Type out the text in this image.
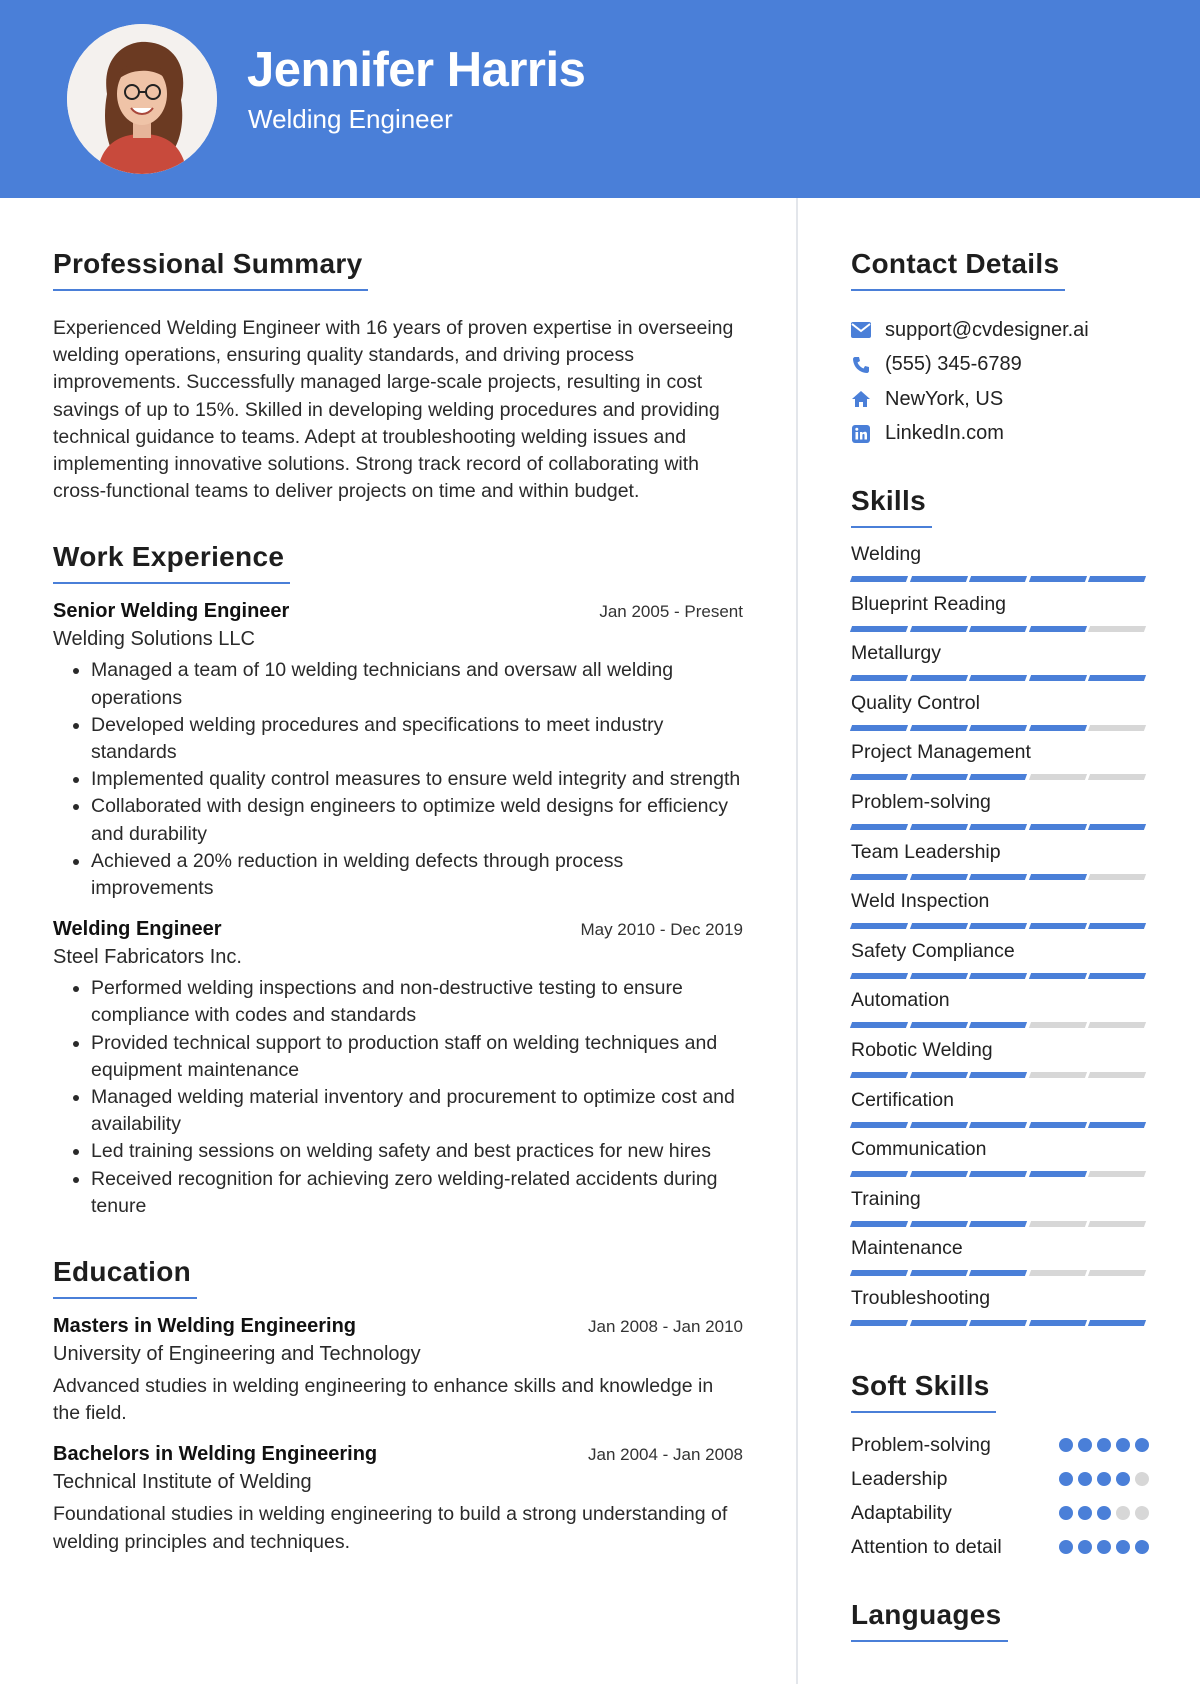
Jennifer Harris
Welding Engineer
Professional Summary

Experienced Welding Engineer with 16 years of proven expertise in overseeing welding operations, ensuring quality standards, and driving process improvements. Successfully managed large-scale projects, resulting in cost savings of up to 15%. Skilled in developing welding procedures and providing technical guidance to teams. Adept at troubleshooting welding issues and implementing innovative solutions. Strong track record of collaborating with cross-functional teams to deliver projects on time and within budget.

Work Experience
Senior Welding Engineer	Jan 2005 - Present
Welding Solutions LLC
• Managed a team of 10 welding technicians and oversaw all welding operations
• Developed welding procedures and specifications to meet industry standards
• Implemented quality control measures to ensure weld integrity and strength
• Collaborated with design engineers to optimize weld designs for efficiency and durability
• Achieved a 20% reduction in welding defects through process improvements
Welding Engineer	May 2010 - Dec 2019
Steel Fabricators Inc.
• Performed welding inspections and non-destructive testing to ensure compliance with codes and standards
• Provided technical support to production staff on welding techniques and equipment maintenance
• Managed welding material inventory and procurement to optimize cost and availability
• Led training sessions on welding safety and best practices for new hires
• Received recognition for achieving zero welding-related accidents during tenure
Education
Masters in Welding Engineering	Jan 2008 - Jan 2010
University of Engineering and Technology
Advanced studies in welding engineering to enhance skills and knowledge in the field.
Bachelors in Welding Engineering	Jan 2004 - Jan 2008
Technical Institute of Welding
Foundational studies in welding engineering to build a strong understanding of welding principles and techniques.
Contact Details
support@cvdesigner.ai
(555) 345-6789
NewYork, US
LinkedIn.com
Skills
Welding
Blueprint Reading
Metallurgy
Quality Control
Project Management
Problem-solving
Team Leadership
Weld Inspection
Safety Compliance
Automation
Robotic Welding
Certification
Communication
Training
Maintenance
Troubleshooting
Soft Skills
Problem-solving
Leadership
Adaptability
Attention to detail
Languages
